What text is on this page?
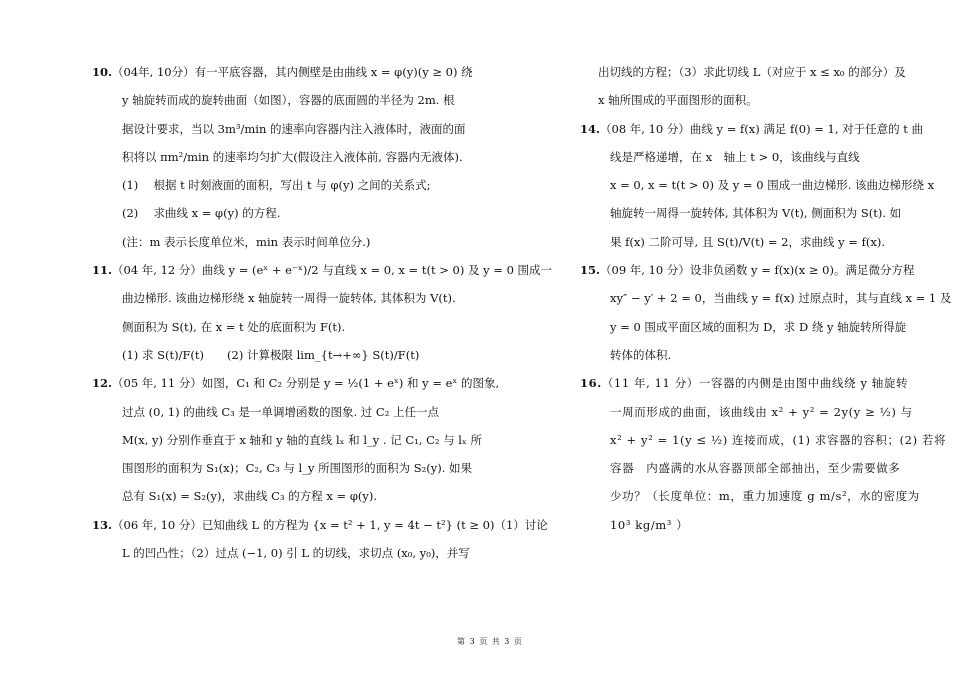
10.（04年, 10分）有一平底容器，其内侧壁是由曲线 x = φ(y)(y ≥ 0) 绕
y 轴旋转而成的旋转曲面（如图），容器的底面圆的半径为 2m. 根
据设计要求，当以 3m³/min 的速率向容器内注入液体时，液面的面
积将以 πm²/min 的速率均匀扩大(假设注入液体前, 容器内无液体).
(1)　 根据 t 时刻液面的面积，写出 t 与 φ(y) 之间的关系式;
(2)　 求曲线 x = φ(y) 的方程.
(注：m 表示长度单位米，min 表示时间单位分.)
11.（04 年, 12 分）曲线 y = (eˣ + e⁻ˣ)/2 与直线 x = 0, x = t(t > 0) 及 y = 0 围成一
曲边梯形. 该曲边梯形绕 x 轴旋转一周得一旋转体, 其体积为 V(t).
侧面积为 S(t), 在 x = t 处的底面积为 F(t).
(1) 求 S(t)/F(t)　　(2) 计算极限 lim_{t→+∞} S(t)/F(t)
12.（05 年, 11 分）如图，C₁ 和 C₂ 分别是 y = ½(1 + eˣ) 和 y = eˣ 的图象,
过点 (0, 1) 的曲线 C₃ 是一单调增函数的图象. 过 C₂ 上任一点
M(x, y) 分别作垂直于 x 轴和 y 轴的直线 lₓ 和 l_y . 记 C₁, C₂ 与 lₓ 所
围图形的面积为 S₁(x)；C₂, C₃ 与 l_y 所围图形的面积为 S₂(y). 如果
总有 S₁(x) = S₂(y)，求曲线 C₃ 的方程 x = φ(y).
13.（06 年, 10 分）已知曲线 L 的方程为 {x = t² + 1, y = 4t − t²} (t ≥ 0)（1）讨论
L 的凹凸性；（2）过点 (−1, 0) 引 L 的切线，求切点 (x₀, y₀)，并写
出切线的方程；（3）求此切线 L（对应于 x ≤ x₀ 的部分）及
x 轴所围成的平面图形的面积。
14.（08 年, 10 分）曲线 y = f(x) 满足 f(0) = 1, 对于任意的 t 曲
线是严格递增，在 x　轴上 t > 0，该曲线与直线
x = 0, x = t(t > 0) 及 y = 0 围成一曲边梯形. 该曲边梯形绕 x
轴旋转一周得一旋转体, 其体积为 V(t), 侧面积为 S(t). 如
果 f(x) 二阶可导, 且 S(t)/V(t) = 2，求曲线 y = f(x).
15.（09 年, 10 分）设非负函数 y = f(x)(x ≥ 0)。满足微分方程
xy″ − y′ + 2 = 0，当曲线 y = f(x) 过原点时，其与直线 x = 1 及
y = 0 围成平面区域的面积为 D，求 D 绕 y 轴旋转所得旋
转体的体积.
16.（11 年, 11 分）一容器的内侧是由图中曲线绕 y 轴旋转
一周而形成的曲面，该曲线由 x² + y² = 2y(y ≥ ½) 与
x² + y² = 1(y ≤ ½) 连接而成，(1) 求容器的容积；(2) 若将
容器　内盛满的水从容器顶部全部抽出，至少需要做多
少功？（长度单位：m，重力加速度 g m/s²，水的密度为
10³ kg/m³ ）
第 3 页 共 3 页
